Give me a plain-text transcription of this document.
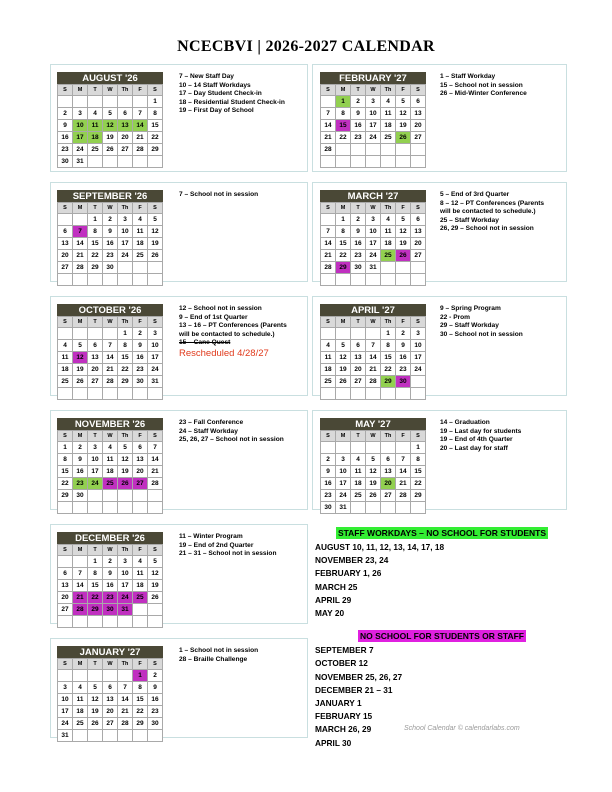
NCECBVI | 2026-2027 CALENDAR
AUGUST '26
S	M	T	W	Th	F	S
						1
2	3	4	5	6	7	8
9	10	11	12	13	14	15
16	17	18	19	20	21	22
23	24	25	26	27	28	29
30	31					
7 – New Staff Day
10 – 14 Staff Workdays
17 – Day Student Check-in
18 – Residential Student Check-in
19 – First Day of School
SEPTEMBER '26
S	M	T	W	Th	F	S
		1	2	3	4	5
6	7	8	9	10	11	12
13	14	15	16	17	18	19
20	21	22	23	24	25	26
27	28	29	30			

7 – School not in session
OCTOBER '26
S	M	T	W	Th	F	S
				1	2	3
4	5	6	7	8	9	10
11	12	13	14	15	16	17
18	19	20	21	22	23	24
25	26	27	28	29	30	31

12 – School not in session
9 – End of 1st Quarter
13 – 16 – PT Conferences (Parents
will be contacted to schedule.)
15 – Cane Quest
Rescheduled 4/28/27
NOVEMBER '26
S	M	T	W	Th	F	S
1	2	3	4	5	6	7
8	9	10	11	12	13	14
15	16	17	18	19	20	21
22	23	24	25	26	27	28
29	30					

23 – Fall Conference
24 – Staff Workday
25, 26, 27 – School not in session
DECEMBER '26
S	M	T	W	Th	F	S
		1	2	3	4	5
6	7	8	9	10	11	12
13	14	15	16	17	18	19
20	21	22	23	24	25	26
27	28	29	30	31		

11 – Winter Program
19 – End of 2nd Quarter
21 – 31 – School not in session
JANUARY '27
S	M	T	W	Th	F	S
					1	2
3	4	5	6	7	8	9
10	11	12	13	14	15	16
17	18	19	20	21	22	23
24	25	26	27	28	29	30
31						
1 – School not in session
28 – Braille Challenge
FEBRUARY '27
S	M	T	W	Th	F	S
	1	2	3	4	5	6
7	8	9	10	11	12	13
14	15	16	17	18	19	20
21	22	23	24	25	26	27
28						

1 – Staff Workday
15 – School not in session
26 – Mid-Winter Conference
MARCH '27
S	M	T	W	Th	F	S
	1	2	3	4	5	6
7	8	9	10	11	12	13
14	15	16	17	18	19	20
21	22	23	24	25	26	27
28	29	30	31			

5 – End of 3rd Quarter
8 – 12 – PT Conferences (Parents
will be contacted to schedule.)
25 – Staff Workday
26, 29 – School not in session
APRIL '27
S	M	T	W	Th	F	S
				1	2	3
4	5	6	7	8	9	10
11	12	13	14	15	16	17
18	19	20	21	22	23	24
25	26	27	28	29	30	

9 – Spring Program
22 - Prom
29 – Staff Workday
30 – School not in session
MAY '27
S	M	T	W	Th	F	S
						1
2	3	4	5	6	7	8
9	10	11	12	13	14	15
16	17	18	19	20	21	22
23	24	25	26	27	28	29
30	31					
14 – Graduation
19 – Last day for students
19 – End of 4th Quarter
20 – Last day for staff
STAFF WORKDAYS – NO SCHOOL FOR STUDENTS
AUGUST 10, 11, 12, 13, 14, 17, 18
NOVEMBER 23, 24
FEBRUARY 1, 26
MARCH 25
APRIL 29
MAY 20
NO SCHOOL FOR STUDENTS OR STAFF
SEPTEMBER 7
OCTOBER 12
NOVEMBER 25, 26, 27
DECEMBER 21 – 31
JANUARY 1
FEBRUARY 15
MARCH 26, 29
APRIL 30
School Calendar © calendarlabs.com
